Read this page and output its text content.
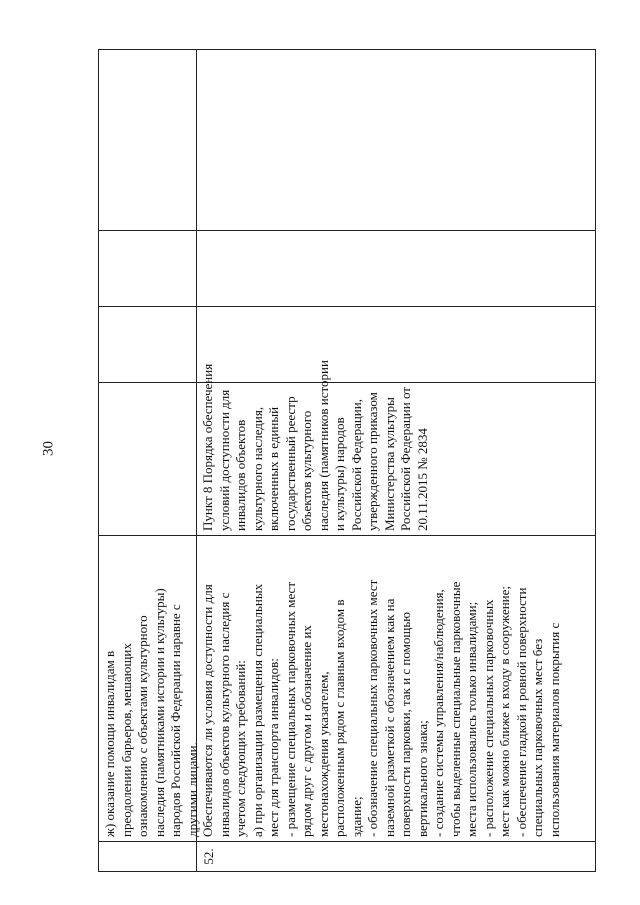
30
ж) оказание помощи инвалидам в преодолении барьеров, мешающих ознакомлению с объектами культурного наследия (памятниками истории и культуры) народов Российской Федерации наравне с другими лицами.
52.
Обеспечиваются ли условия доступности для инвалидов объектов культурного наследия с учетом следующих требований: а) при организации размещения специальных мест для транспорта инвалидов: - размещение специальных парковочных мест рядом друг с другом и обозначение их местонахождения указателем, расположенным рядом с главным входом в здание; - обозначение специальных парковочных мест наземной разметкой с обозначением как на поверхности парковки, так и с помощью вертикального знака; - создание системы управления/наблюдения, чтобы выделенные специальные парковочные места использовались только инвалидами; - расположение специальных парковочных мест как можно ближе к входу в сооружение; - обеспечение гладкой и ровной поверхности специальных парковочных мест без использования материалов покрытия с
Пункт 8 Порядка обеспечения условий доступности для инвалидов объектов культурного наследия, включенных в единый государственный реестр объектов культурного наследия (памятников истории и культуры) народов Российской Федерации, утвержденного приказом Министерства культуры Российской Федерации от 20.11.2015 № 2834
